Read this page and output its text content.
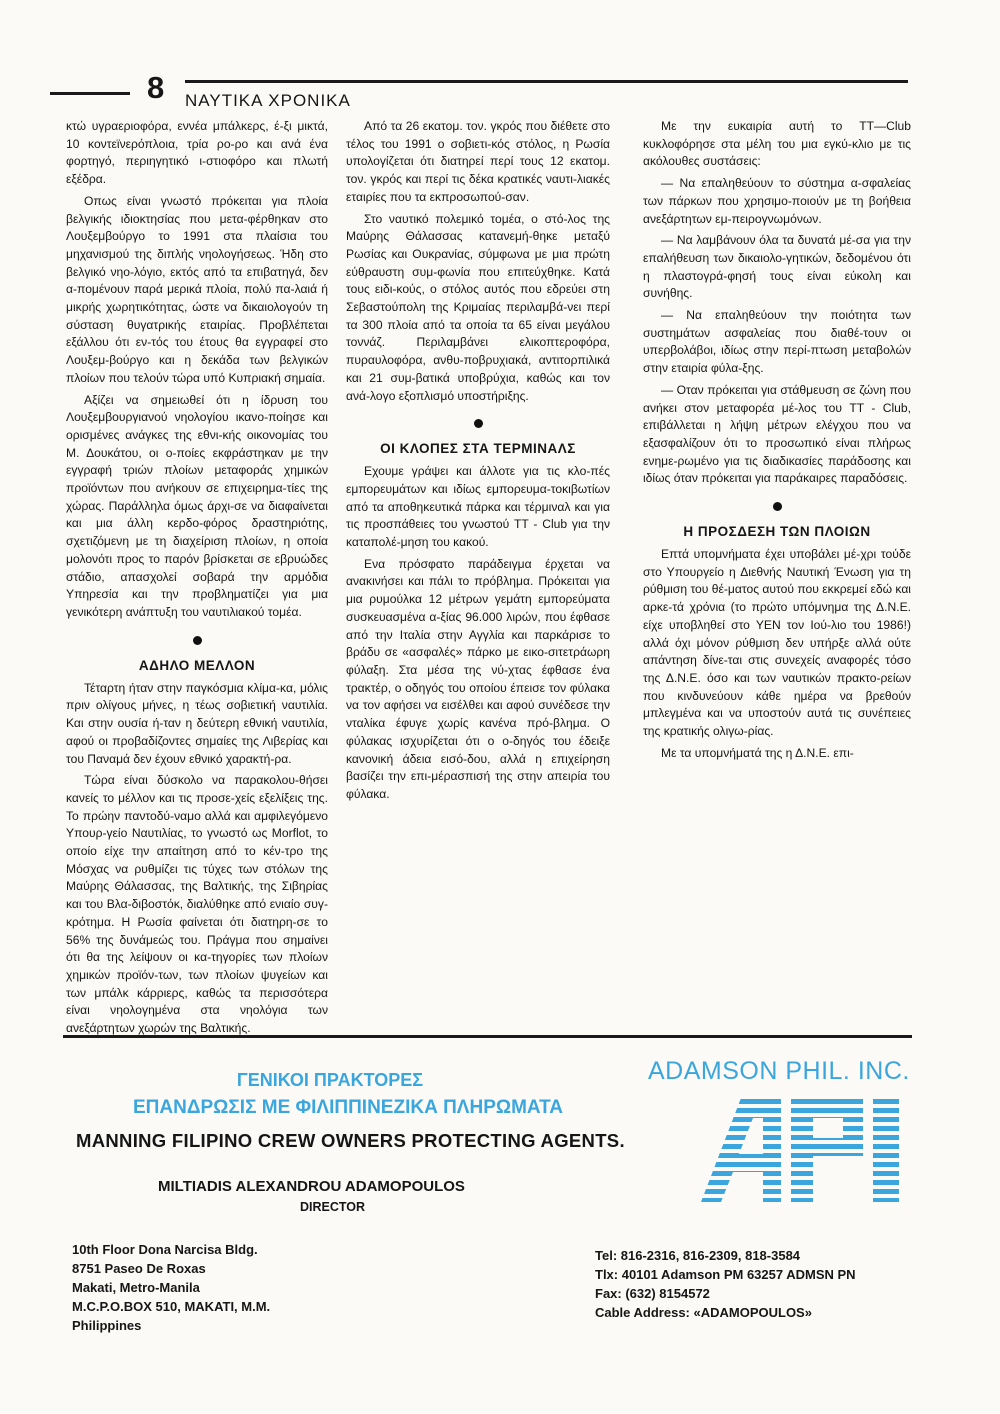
8 ΝΑΥΤΙΚΑ ΧΡΟΝΙΚΑ

κτώ υγραεριοφόρα, εννέα μπάλκερς, έ-ξι μικτά, 10 κοντεϊνερόπλοια, τρία ρο-ρο και ανά ένα φορτηγό, περιηγητικό ι-στιοφόρο και πλωτή εξέδρα.

Οπως είναι γνωστό πρόκειται για πλοία βελγικής ιδιοκτησίας που μετα-φέρθηκαν στο Λουξεμβούργο το 1991 στα πλαίσια του μηχανισμού της διπλής νηολογήσεως. Ήδη στο βελγικό νηο-λόγιο, εκτός από τα επιβατηγά, δεν α-πομένουν παρά μερικά πλοία, πολύ πα-λαιά ή μικρής χωρητικότητας, ώστε να δικαιολογούν τη σύσταση θυγατρικής εταιρίας. Προβλέπεται εξάλλου ότι εν-τός του έτους θα εγγραφεί στο Λουξεμ-βούργο και η δεκάδα των βελγικών πλοίων που τελούν τώρα υπό Κυπριακή σημαία.

Αξίζει να σημειωθεί ότι η ίδρυση του Λουξεμβουργιανού νηολογίου ικανο-ποίησε και ορισμένες ανάγκες της εθνι-κής οικονομίας του Μ. Δουκάτου, οι ο-ποίες εκφράστηκαν με την εγγραφή τριών πλοίων μεταφοράς χημικών προϊόντων που ανήκουν σε επιχειρημα-τίες της χώρας. Παράλληλα όμως άρχι-σε να διαφαίνεται και μια άλλη κερδο-φόρος δραστηριότης, σχετιζόμενη με τη διαχείριση πλοίων, η οποία μολονότι προς το παρόν βρίσκεται σε εβρυώδες στάδιο, απασχολεί σοβαρά την αρμόδια Υπηρεσία και την προβληματίζει για μια γενικότερη ανάπτυξη του ναυτιλιακού τομέα.

ΑΔΗΛΟ ΜΕΛΛΟΝ

Τέταρτη ήταν στην παγκόσμια κλίμα-κα, μόλις πριν ολίγους μήνες, η τέως σοβιετική ναυτιλία. Και στην ουσία ή-ταν η δεύτερη εθνική ναυτιλία, αφού οι προβαδίζοντες σημαίες της Λιβερίας και του Παναμά δεν έχουν εθνικό χαρακτή-ρα.

Τώρα είναι δύσκολο να παρακολου-θήσει κανείς το μέλλον και τις προσε-χείς εξελίξεις της. Το πρώην παντοδύ-ναμο αλλά και αμφιλεγόμενο Υπουρ-γείο Ναυτιλίας, το γνωστό ως Morflot, το οποίο είχε την απαίτηση από το κέν-τρο της Μόσχας να ρυθμίζει τις τύχες των στόλων της Μαύρης Θάλασσας, της Βαλτικής, της Σιβηρίας και του Βλα-διβοστόκ, διαλύθηκε από ενιαίο συγ-κρότημα. Η Ρωσία φαίνεται ότι διατηρη-σε το 56% της δυνάμεώς του. Πράγμα που σημαίνει ότι θα της λείψουν οι κα-τηγορίες των πλοίων χημικών προϊόν-των, των πλοίων ψυγείων και των μπάλκ κάρριερς, καθώς τα περισσότερα είναι νηολογημένα στα νηολόγια των ανεξάρτητων χωρών της Βαλτικής.

Από τα 26 εκατομ. τον. γκρός που διέθετε στο τέλος του 1991 ο σοβιετι-κός στόλος, η Ρωσία υπολογίζεται ότι διατηρεί περί τους 12 εκατομ. τον. γκρός και περί τις δέκα κρατικές ναυτι-λιακές εταιρίες που τα εκπροσωπού-σαν.

Στο ναυτικό πολεμικό τομέα, ο στό-λος της Μαύρης Θάλασσας κατανεμή-θηκε μεταξύ Ρωσίας και Ουκρανίας, σύμφωνα με μια πρώτη εύθραυστη συμ-φωνία που επιτεύχθηκε. Κατά τους ειδι-κούς, ο στόλος αυτός που εδρεύει στη Σεβαστούπολη της Κριμαίας περιλαμβά-νει περί τα 300 πλοία από τα οποία τα 65 είναι μεγάλου τοννάζ. Περιλαμβάνει ελικοπτεροφόρα, πυραυλοφόρα, ανθυ-ποβρυχιακά, αντιτορπιλικά και 21 συμ-βατικά υποβρύχια, καθώς και τον ανά-λογο εξοπλισμό υποστήριξης.

ΟΙ ΚΛΟΠΕΣ ΣΤΑ ΤΕΡΜΙΝΑΛΣ

Εχουμε γράψει και άλλοτε για τις κλο-πές εμπορευμάτων και ιδίως εμπορευμα-τοκιβωτίων από τα αποθηκευτικά πάρκα και τέρμιναλ και για τις προσπάθειες του γνωστού TT - Club για την καταπολέ-μηση του κακού.

Ενα πρόσφατο παράδειγμα έρχεται να ανακινήσει και πάλι το πρόβλημα. Πρόκειται για μια ρυμούλκα 12 μέτρων γεμάτη εμπορεύματα συσκευασμένα α-ξίας 96.000 λιρών, που έφθασε από την Ιταλία στην Αγγλία και παρκάρισε το βράδυ σε «ασφαλές» πάρκο με εικο-σιτετράωρη φύλαξη. Στα μέσα της νύ-χτας έφθασε ένα τρακτέρ, ο οδηγός του οποίου έπεισε τον φύλακα να τον αφήσει να εισέλθει και αφού συνέδεσε την νταλίκα έφυγε χωρίς κανένα πρό-βλημα. Ο φύλακας ισχυρίζεται ότι ο ο-δηγός του έδειξε κανονική άδεια εισό-δου, αλλά η επιχείρηση βασίζει την επι-μέρασπισή της στην απειρία του φύλακα.

Με την ευκαιρία αυτή το TT—Club κυκλοφόρησε στα μέλη του μια εγκύ-κλιο με τις ακόλουθες συστάσεις:

— Να επαληθεύουν το σύστημα α-σφαλείας των πάρκων που χρησιμο-ποιούν με τη βοήθεια ανεξάρτητων εμ-πειρογνωμόνων.

— Να λαμβάνουν όλα τα δυνατά μέ-σα για την επαλήθευση των δικαιολο-γητικών, δεδομένου ότι η πλαστογρά-φησή τους είναι εύκολη και συνήθης.

— Να επαληθεύουν την ποιότητα των συστημάτων ασφαλείας που διαθέ-τουν οι υπερβολάβοι, ιδίως στην περί-πτωση μεταβολών στην εταιρία φύλα-ξης.

— Οταν πρόκειται για στάθμευση σε ζώνη που ανήκει στον μεταφορέα μέ-λος του TT - Club, επιβάλλεται η λήψη μέτρων ελέγχου που να εξασφαλίζουν ότι το προσωπικό είναι πλήρως ενημε-ρωμένο για τις διαδικασίες παράδοσης και ιδίως όταν πρόκειται για παράκαιρες παραδόσεις.

Η ΠΡΟΣΔΕΣΗ ΤΩΝ ΠΛΟΙΩΝ

Επτά υπομνήματα έχει υποβάλει μέ-χρι τούδε στο Υπουργείο η Διεθνής Ναυτική Ένωση για τη ρύθμιση του θέ-ματος αυτού που εκκρεμεί εδώ και αρκε-τά χρόνια (το πρώτο υπόμνημα της Δ.Ν.Ε. είχε υποβληθεί στο ΥΕΝ τον Ιού-λιο του 1986!) αλλά όχι μόνον ρύθμιση δεν υπήρξε αλλά ούτε απάντηση δίνε-ται στις συνεχείς αναφορές τόσο της Δ.Ν.Ε. όσο και των ναυτικών πρακτο-ρείων που κινδυνεύουν κάθε ημέρα να βρεθούν μπλεγμένα και να υποστούν αυτά τις συνέπειες της κρατικής ολιγω-ρίας.

Με τα υπομνήματά της η Δ.Ν.Ε. επι-

ΓΕΝΙΚΟΙ ΠΡΑΚΤΟΡΕΣ
ΕΠΑΝΔΡΩΣΙΣ ΜΕ ΦΙΛΙΠΠΙΝΕΖΙΚΑ ΠΛΗΡΩΜΑΤΑ
ADAMSON PHIL. INC.
MANNING FILIPINO CREW OWNERS PROTECTING AGENTS.
MILTIADIS ALEXANDROU ADAMOPOULOS
DIRECTOR
10th Floor Dona Narcisa Bldg.
8751 Paseo De Roxas
Makati, Metro-Manila
M.C.P.O.BOX 510, MAKATI, M.M.
Philippines
Tel: 816-2316, 816-2309, 818-3584
Tlx: 40101 Adamson PM 63257 ADMSN PN
Fax: (632) 8154572
Cable Address: «ADAMOPOULOS»
